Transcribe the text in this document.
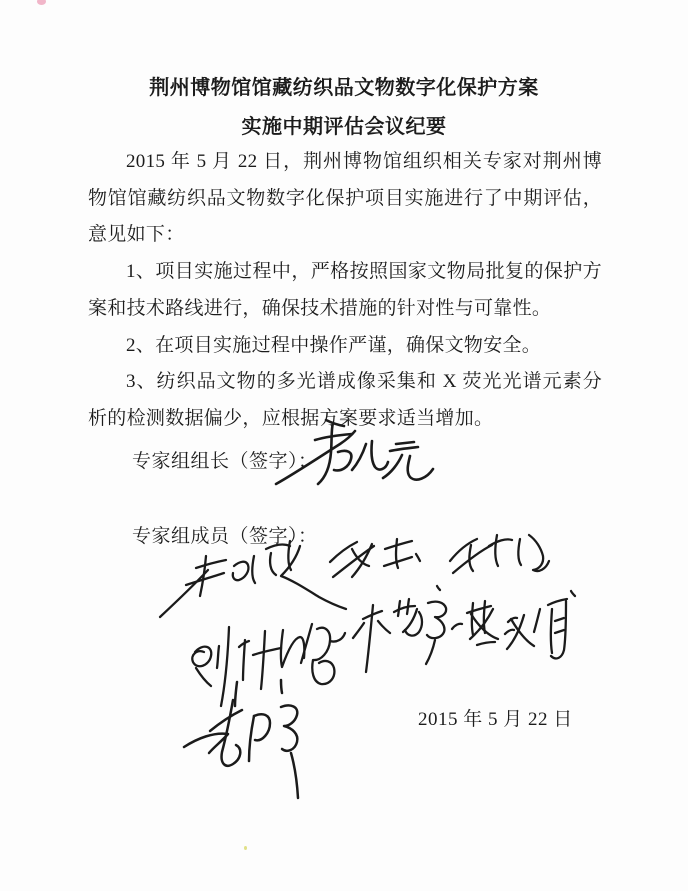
荆州博物馆馆藏纺织品文物数字化保护方案
实施中期评估会议纪要

2015 年 5 月 22 日，荆州博物馆组织相关专家对荆州博物馆馆藏纺织品文物数字化保护项目实施进行了中期评估，意见如下：

1、项目实施过程中，严格按照国家文物局批复的保护方案和技术路线进行，确保技术措施的针对性与可靠性。

2、在项目实施过程中操作严谨，确保文物安全。

3、纺织品文物的多光谱成像采集和 X 荧光光谱元素分析的检测数据偏少，应根据方案要求适当增加。

专家组组长（签字）：
专家组成员（签字）：
2015 年 5 月 22 日
